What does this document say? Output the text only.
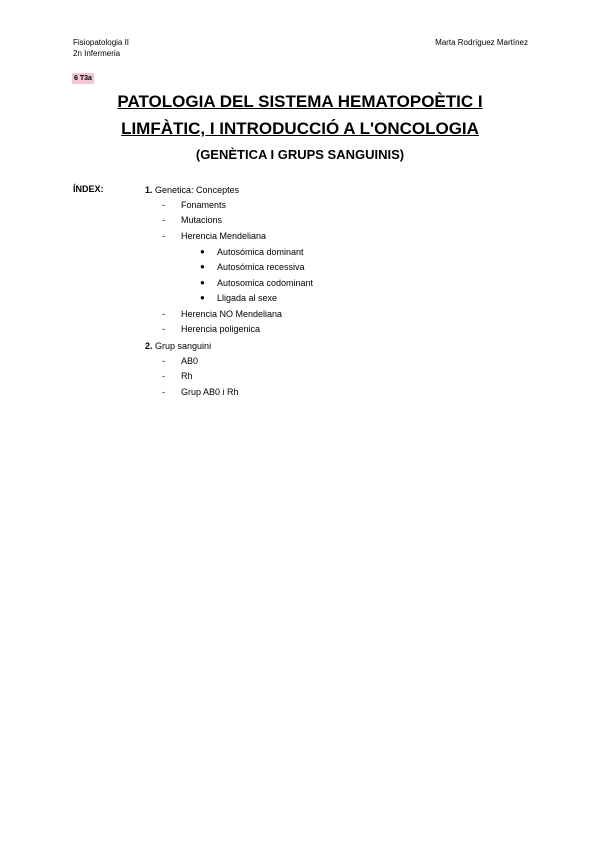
Fisiopatologia II
2n Infermeria
Marta Rodríguez Martínez
6 T3a
PATOLOGIA DEL SISTEMA HEMATOPOÈTIC I
LIMFÀTIC, I INTRODUCCIÓ A L'ONCOLOGIA
(GENÈTICA I GRUPS SANGUINIS)
ÍNDEX:	1. Genetica: Conceptes
- Fonaments
- Mutacions
- Herencia Mendeliana
● Autosómica dominant
● Autosómica recessiva
● Autosomica codominant
● Lligada al sexe
- Herencia NO Mendeliana
- Herencia poligenica
2. Grup sanguini
- AB0
- Rh
- Grup AB0 i Rh
